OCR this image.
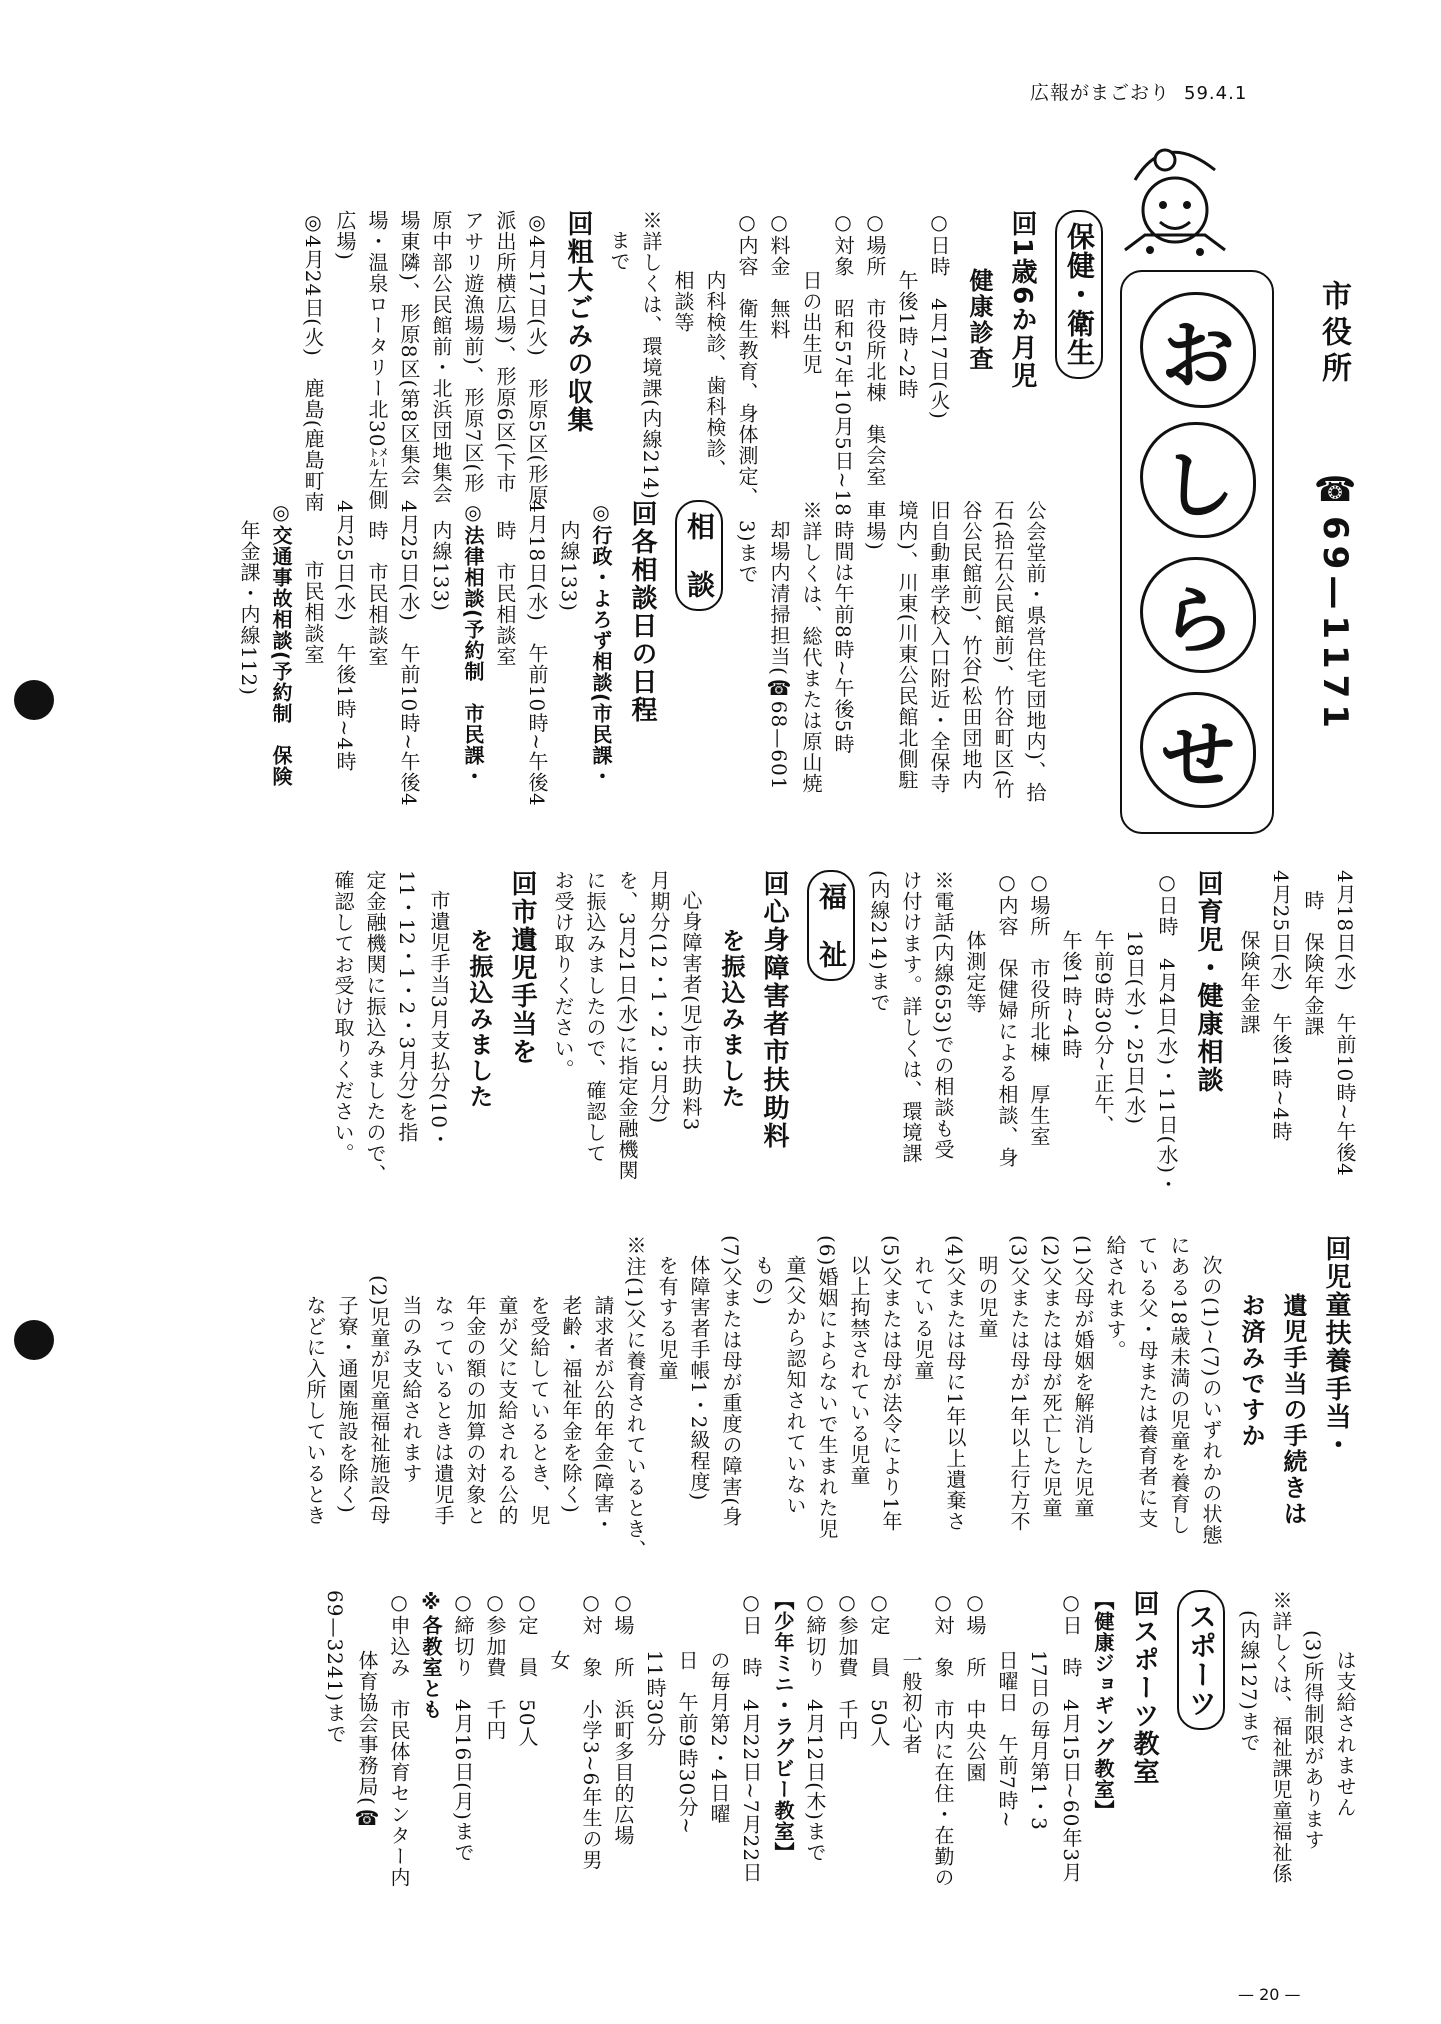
広報がまごおり 59.4.1
お
し
ら
せ
市役所
☎69—1171
保健・衛生
回1歳6か月児
健康診査

○日時　4月17日(火)

午後1時~2時

○場所　市役所北棟　集会室

○対象　昭和57年10月5日~18

日の出生児

○料金　無料

○内容　衛生教育、身体測定、

内科検診、歯科検診、

相談等

※詳しくは、環境課(内線214)

まで

回粗大ごみの収集

◎4月17日(火)　形原5区(形原

派出所横広場)、形原6区(下市

アサリ遊漁場前)、形原7区(形

原中部公民館前・北浜団地集会

場東隣)、形原8区(第8区集会

場・温泉ロータリー北30㍍左側

広場)

◎4月24日(火)　鹿島(鹿島町南

公会堂前・県営住宅団地内)、拾

石(拾石公民館前)、竹谷町区(竹

谷公民館前)、竹谷(松田団地内

旧自動車学校入口附近・全保寺

境内)、川東(川東公民館北側駐

車場)

時間は午前8時~午後5時

※詳しくは、総代または原山焼

却場内清掃担当(☎68—601

3)まで

相　談
回各相談日の日程

◎行政・よろず相談(市民課・

内線133)

4月18日(水)　午前10時~午後4

時　市民相談室

◎法律相談(予約制　市民課・

内線133)

4月25日(水)　午前10時~午後4

時　市民相談室

4月25日(水)　午後1時~4時

市民相談室

◎交通事故相談(予約制　保険

年金課・内線112)

4月18日(水)　午前10時~午後4

時　保険年金課

4月25日(水)　午後1時~4時

保険年金課

回育児・健康相談

○日時　4月4日(水)・11日(水)・

18日(水)・25日(水)

午前9時30分~正午、

午後1時~4時

○場所　市役所北棟　厚生室

○内容　保健婦による相談、身

体測定等

※電話(内線653)での相談も受

け付けます。詳しくは、環境課

(内線214)まで

福　祉
回心身障害者市扶助料
を振込みました

心身障害者(児)市扶助料3

月期分(12・1・2・3月分)

を、3月21日(水)に指定金融機関

に振込みましたので、確認して

お受け取りください。

回市遺児手当を
を振込みました

市遺児手当3月支払分(10・

11・12・1・2・3月分)を指

定金融機関に振込みましたので、

確認してお受け取りください。

回児童扶養手当・
遺児手当の手続きは
お済みですか

次の(1)~(7)のいずれかの状態

にある18歳未満の児童を養育し

ている父・母または養育者に支

給されます。

(1)父母が婚姻を解消した児童

(2)父または母が死亡した児童

(3)父または母が1年以上行方不

明の児童

(4)父または母に1年以上遺棄さ

れている児童

(5)父または母が法令により1年

以上拘禁されている児童

(6)婚姻によらないで生まれた児

童(父から認知されていない

もの)

(7)父または母が重度の障害(身

体障害者手帳1・2級程度)

を有する児童

※注(1)父に養育されているとき、

請求者が公的年金(障害・

老齢・福祉年金を除く)

を受給しているとき、児

童が父に支給される公的

年金の額の加算の対象と

なっているときは遺児手

当のみ支給されます

(2)児童が児童福祉施設(母

子寮・通園施設を除く)

などに入所しているとき

は支給されません

(3)所得制限があります

※詳しくは、福祉課児童福祉係

(内線127)まで

スポーツ
回スポーツ教室

【健康ジョギング教室】

○日　時　4月15日~60年3月

17日の毎月第1・3

日曜日　午前7時~

○場　所　中央公園

○対　象　市内に在住・在勤の

一般初心者

○定　員　50人

○参加費　千円

○締切り　4月12日(木)まで

【少年ミニ・ラグビー教室】

○日　時　4月22日~7月22日

の毎月第2・4日曜

日　午前9時30分~

11時30分

○場　所　浜町多目的広場

○対　象　小学3~6年生の男

女

○定　員　50人

○参加費　千円

○締切り　4月16日(月)まで

※各教室とも

○申込み　市民体育センター内

体育協会事務局(☎

69—3241)まで

— 20 —
